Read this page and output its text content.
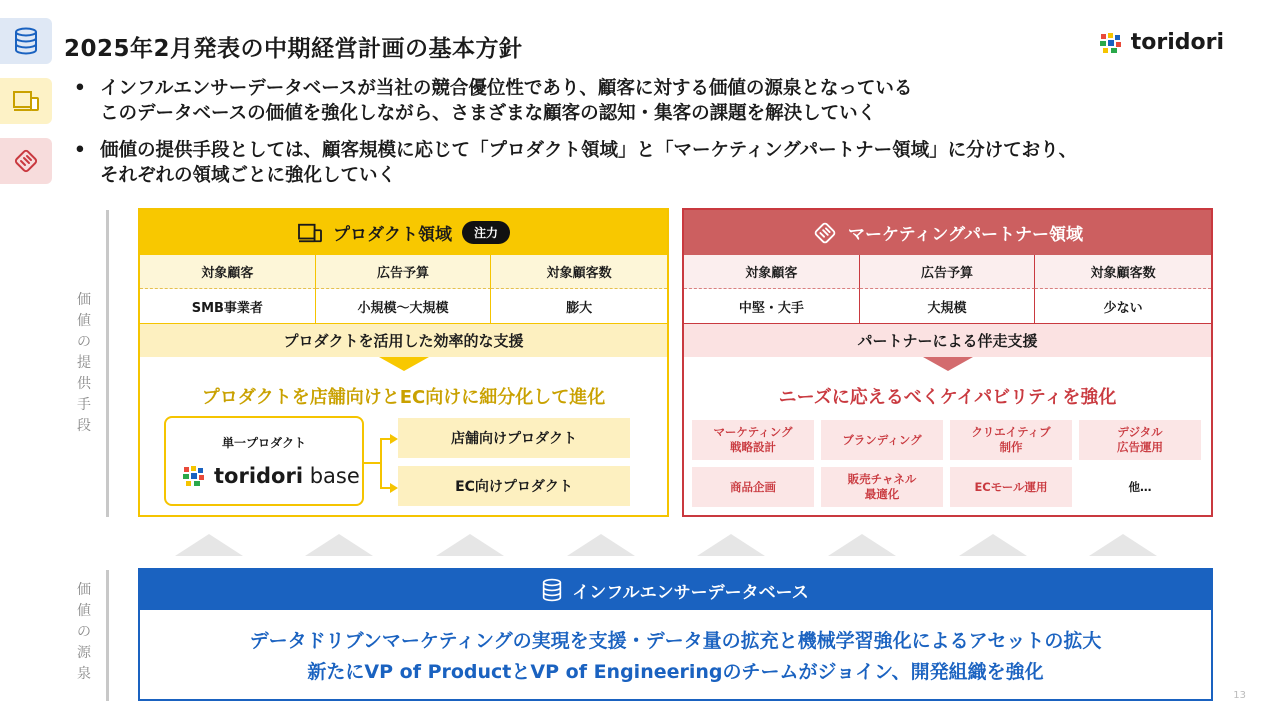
2025年2月発表の中期経営計画の基本方針	toridori
• インフルエンサーデータベースが当社の競合優位性であり、顧客に対する価値の源泉となっている
このデータベースの価値を強化しながら、さまざまな顧客の認知・集客の課題を解決していく
• 価値の提供手段としては、顧客規模に応じて「プロダクト領域」と「マーケティングパートナー領域」に分けており、
それぞれの領域ごとに強化していく
価
値
の
提
供
手
段
価
値
の
源
泉
プロダクト領域	注力
対象顧客	広告予算	対象顧客数
SMB事業者	小規模〜大規模	膨大
プロダクトを活用した効率的な支援
プロダクトを店舗向けとEC向けに細分化して進化
単一プロダクト
toridori base
店舗向けプロダクト
EC向けプロダクト
マーケティングパートナー領域
対象顧客	広告予算	対象顧客数
中堅・大手	大規模	少ない
パートナーによる伴走支援
ニーズに応えるべくケイパビリティを強化
マーケティング
戦略設計
ブランディング
クリエイティブ
制作
デジタル
広告運用
商品企画
販売チャネル
最適化
ECモール運用	他…
インフルエンサーデータベース
データドリブンマーケティングの実現を支援・データ量の拡充と機械学習強化によるアセットの拡大
新たにVP of ProductとVP of Engineeringのチームがジョイン、開発組織を強化
13
